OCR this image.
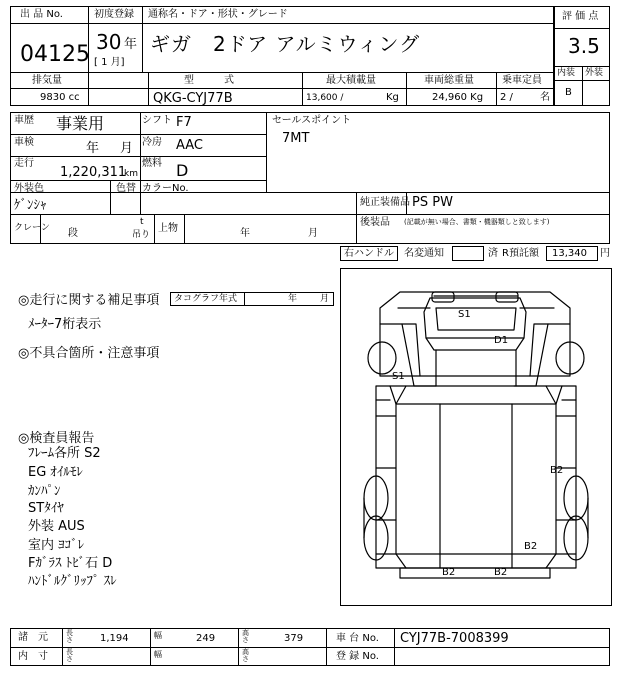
出 品 No.
04125
初度登録
30 年
[ 1 月]
通称名・ドア・形状・グレード
ギガ　2ドア アルミウィング
評 価 点
3.5
内装 外装
B
排気量
9830 cc
型　　　式
QKG-CYJ77B
最大積載量
13,600 /	Kg
車両総重量
24,960 Kg
乗車定員
2 /	名
車歴 事業用	シフト F7
車検	年 月 冷房 AAC
走行
1,220,311
km
燃料 D
外装色
ｹﾞﾝｼｬ
色替 カラーNo.
セールスポイント
7MT
純正装備品 PS PW
後装品 (記載が無い場合、書類・機器類しと致します)
クレーン 段
t
吊り
上物	年	月
右ハンドル 名変通知	済 R預託額 13,340 円
◎走行に関する補足事項 タコグラフ年式	年	月
ﾒｰﾀｰ7桁表示
◎不具合箇所・注意事項
◎検査員報告
ﾌﾚｰﾑ各所 S2
EG ｵｲﾙﾓﾚ
ｶﾝﾊﾟﾝ
STﾀｲﾔ
外装 AUS
室内 ﾖｺﾞﾚ
Fｶﾞﾗｽ ﾄﾋﾞ石 D
ﾊﾝﾄﾞﾙｸﾞﾘｯﾌﾟ ｽﾚ
S1
D1
S1
B2
B2
B2	B2
諸　元	長さ	1,194	幅	249	高さ	379	車 台 No. CYJ77B-7008399
内　寸	長さ	幅	高さ	登 録 No.
